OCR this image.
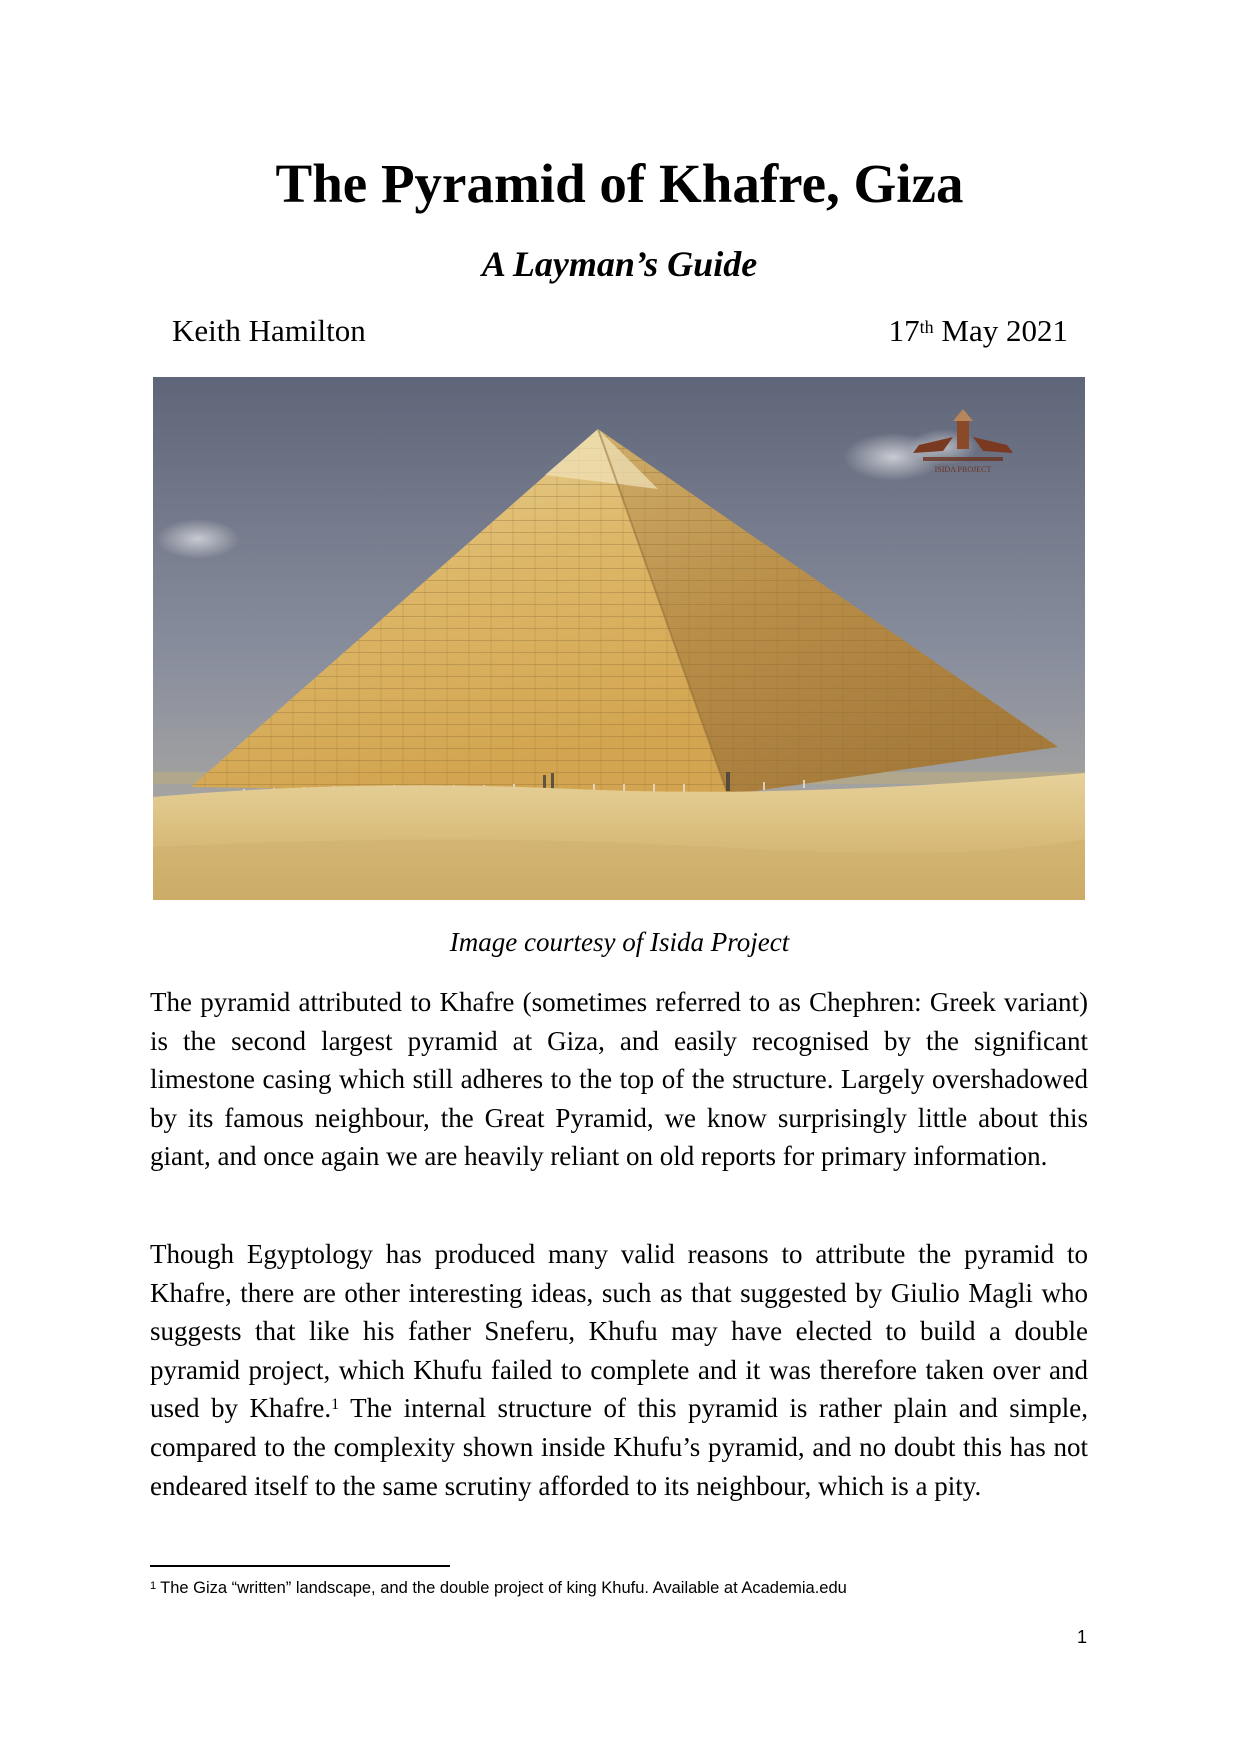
The Pyramid of Khafre, Giza
A Layman’s Guide
Keith Hamilton	17th May 2021
ISIDA PROJECT

Image courtesy of Isida Project

The pyramid attributed to Khafre (sometimes referred to as Chephren: Greek variant) is the second largest pyramid at Giza, and easily recognised by the significant limestone casing which still adheres to the top of the structure. Largely overshadowed by its famous neighbour, the Great Pyramid, we know surprisingly little about this giant, and once again we are heavily reliant on old reports for primary information.

Though Egyptology has produced many valid reasons to attribute the pyramid to Khafre, there are other interesting ideas, such as that suggested by Giulio Magli who suggests that like his father Sneferu, Khufu may have elected to build a double pyramid project, which Khufu failed to complete and it was therefore taken over and used by Khafre.$^1$ The internal structure of this pyramid is rather plain and simple, compared to the complexity shown inside Khufu’s pyramid, and no doubt this has not endeared itself to the same scrutiny afforded to its neighbour, which is a pity.

$^1$ The Giza “written” landscape, and the double project of king Khufu. Available at Academia.edu
1
